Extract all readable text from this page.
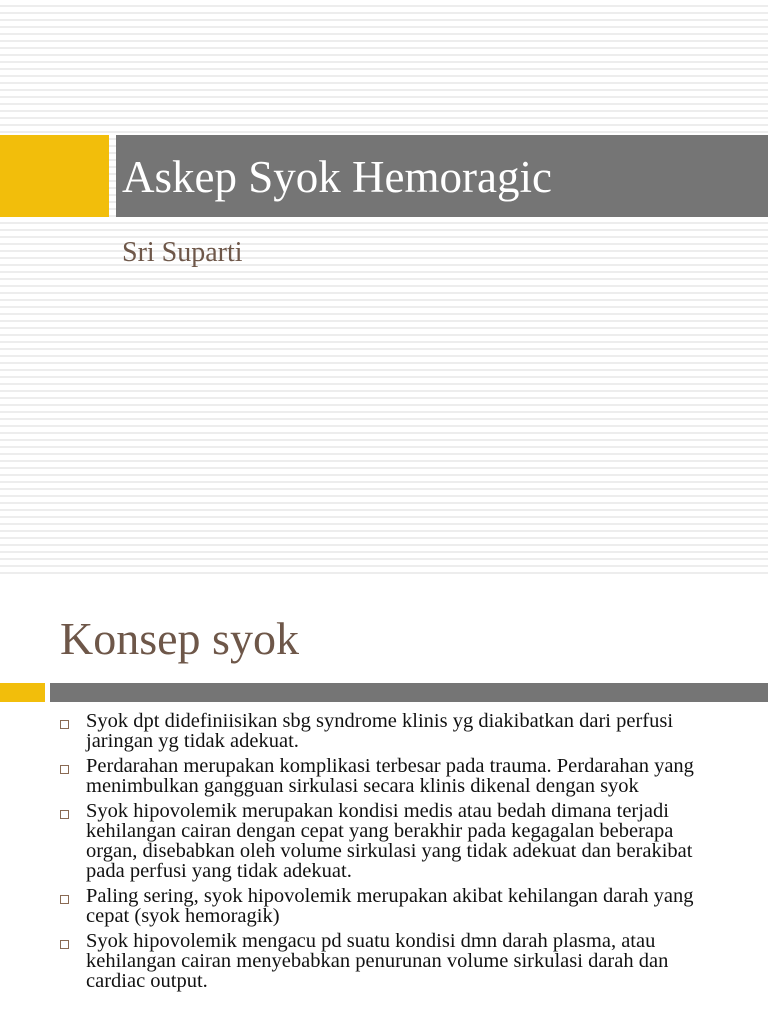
Askep Syok Hemoragic
Sri Suparti
Konsep syok
Syok dpt didefiniisikan sbg syndrome klinis yg diakibatkan dari perfusi jaringan yg tidak adekuat.
Perdarahan merupakan komplikasi terbesar pada trauma. Perdarahan yang menimbulkan gangguan sirkulasi secara klinis dikenal dengan syok
Syok hipovolemik merupakan kondisi medis atau bedah dimana terjadi kehilangan cairan dengan cepat yang berakhir pada kegagalan beberapa organ, disebabkan oleh volume sirkulasi yang tidak adekuat dan berakibat pada perfusi yang tidak adekuat.
Paling sering, syok hipovolemik merupakan akibat kehilangan darah yang cepat (syok hemoragik)
Syok hipovolemik mengacu pd suatu kondisi dmn darah plasma, atau kehilangan cairan menyebabkan penurunan volume sirkulasi darah dan cardiac output.
